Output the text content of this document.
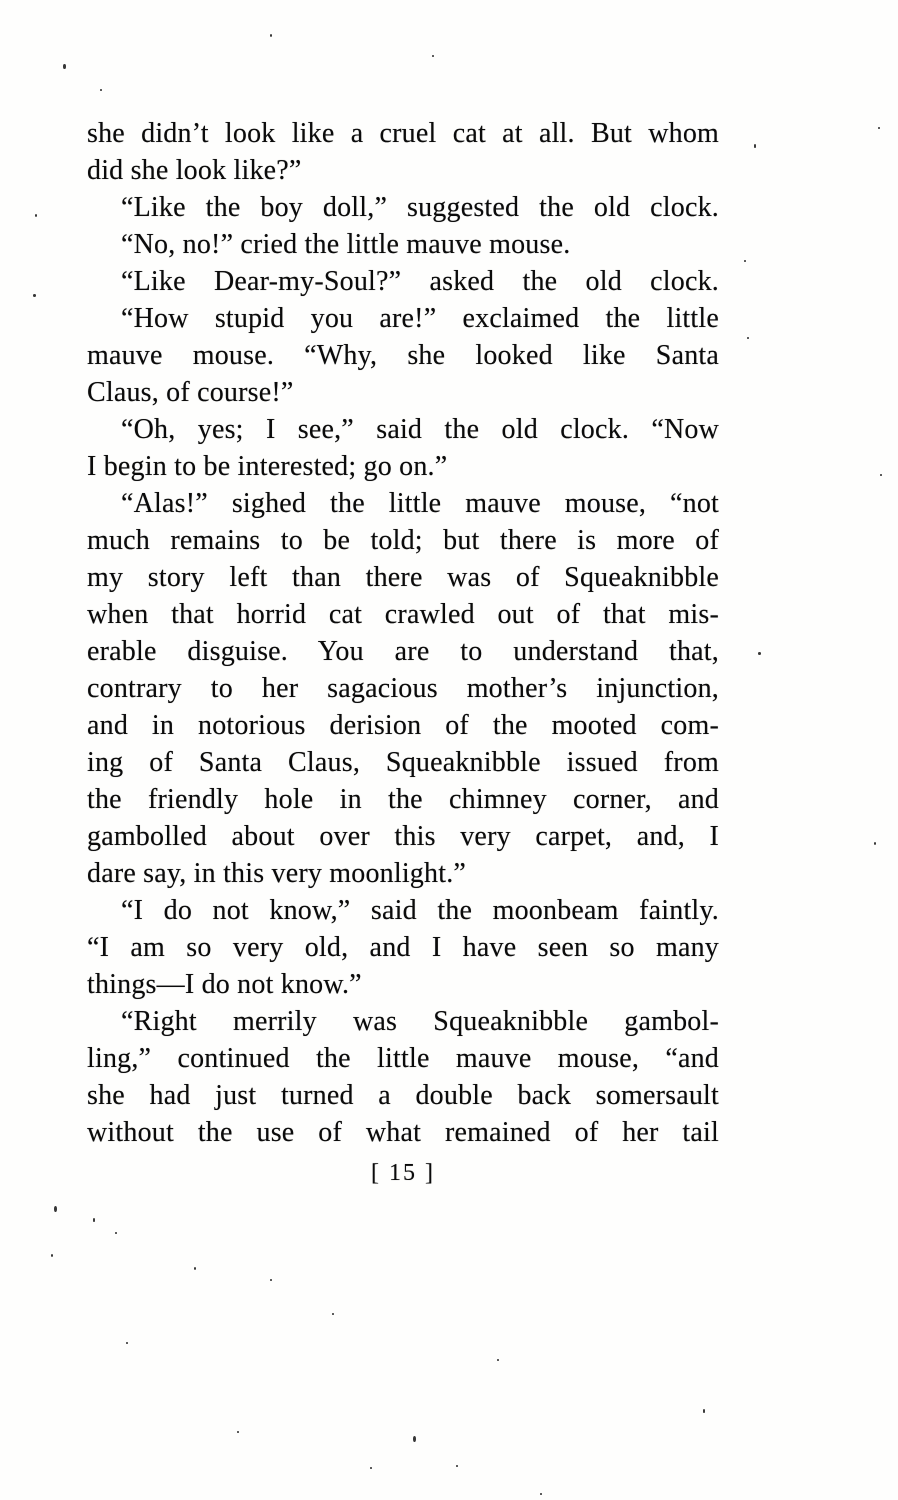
she didn’t look like a cruel cat at all. But whom
did she look like?”
“Like the boy doll,” suggested the old clock.
“No, no!” cried the little mauve mouse.
“Like Dear-my-Soul?” asked the old clock.
“How stupid you are!” exclaimed the little
mauve mouse. “Why, she looked like Santa
Claus, of course!”
“Oh, yes; I see,” said the old clock. “Now
I begin to be interested; go on.”
“Alas!” sighed the little mauve mouse, “not
much remains to be told; but there is more of
my story left than there was of Squeaknibble
when that horrid cat crawled out of that mis-
erable disguise. You are to understand that,
contrary to her sagacious mother’s injunction,
and in notorious derision of the mooted com-
ing of Santa Claus, Squeaknibble issued from
the friendly hole in the chimney corner, and
gambolled about over this very carpet, and, I
dare say, in this very moonlight.”
“I do not know,” said the moonbeam faintly.
“I am so very old, and I have seen so many
things—I do not know.”
“Right merrily was Squeaknibble gambol-
ling,” continued the little mauve mouse, “and
she had just turned a double back somersault
without the use of what remained of her tail
[ 15 ]
